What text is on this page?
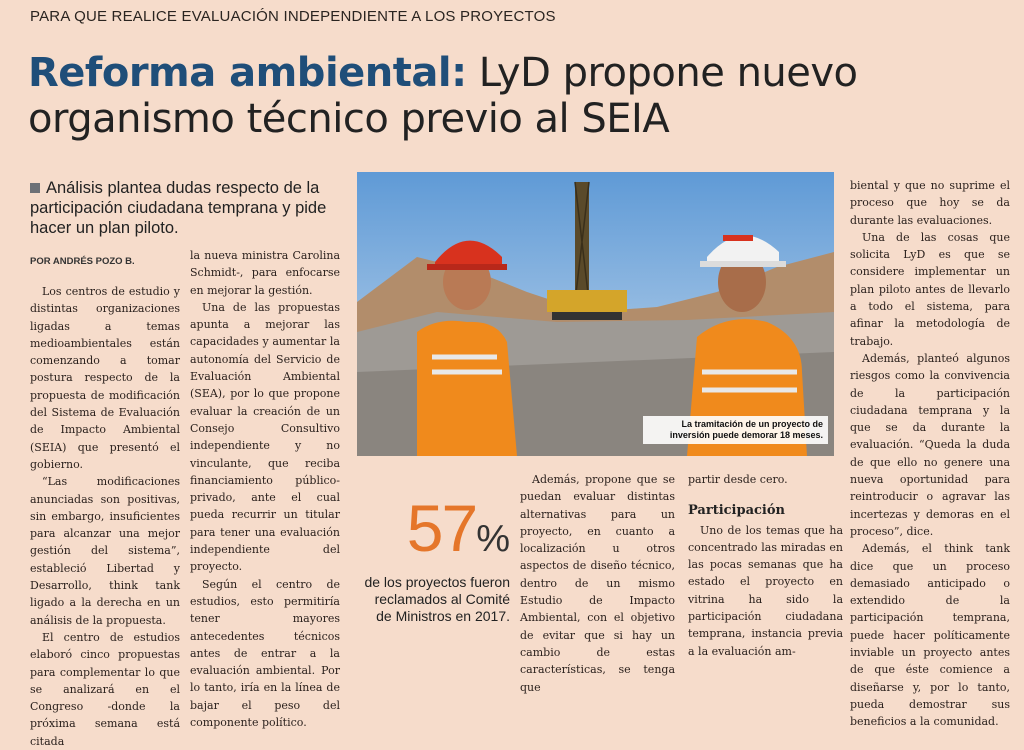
PARA QUE REALICE EVALUACIÓN INDEPENDIENTE A LOS PROYECTOS
Reforma ambiental: LyD propone nuevo organismo técnico previo al SEIA
Análisis plantea dudas respecto de la participación ciudadana temprana y pide hacer un plan piloto.
POR ANDRÉS POZO B.

Los centros de estudio y distintas organizaciones ligadas a temas medioambientales están comenzando a tomar postura respecto de la propuesta de modificación del Sistema de Evaluación de Impacto Ambiental (SEIA) que presentó el gobierno.

“Las modificaciones anunciadas son positivas, sin embargo, insuficientes para alcanzar una mejor gestión del sistema”, estableció Libertad y Desarrollo, think tank ligado a la derecha en un análisis de la propuesta.

El centro de estudios elaboró cinco propuestas para complementar lo que se analizará en el Congreso -donde la próxima semana está citada

la nueva ministra Carolina Schmidt-, para enfocarse en mejorar la gestión.

Una de las propuestas apunta a mejorar las capacidades y aumentar la autonomía del Servicio de Evaluación Ambiental (SEA), por lo que propone evaluar la creación de un Consejo Consultivo independiente y no vinculante, que reciba financiamiento público-privado, ante el cual pueda recurrir un titular para tener una evaluación independiente del proyecto.

Según el centro de estudios, esto permitiría tener mayores antecedentes técnicos antes de entrar a la evaluación ambiental. Por lo tanto, iría en la línea de bajar el peso del componente político.

La tramitación de un proyecto de inversión puede demorar 18 meses.
57%
de los proyectos fueron reclamados al Comité de Ministros en 2017.

Además, propone que se puedan evaluar distintas alternativas para un proyecto, en cuanto a localización u otros aspectos de diseño técnico, dentro de un mismo Estudio de Impacto Ambiental, con el objetivo de evitar que si hay un cambio de estas características, se tenga que

partir desde cero.

Participación

Uno de los temas que ha concentrado las miradas en las pocas semanas que ha estado el proyecto en vitrina ha sido la participación ciudadana temprana, instancia previa a la evaluación am-

biental y que no suprime el proceso que hoy se da durante las evaluaciones.

Una de las cosas que solicita LyD es que se considere implementar un plan piloto antes de llevarlo a todo el sistema, para afinar la metodología de trabajo.

Además, planteó algunos riesgos como la convivencia de la participación ciudadana temprana y la que se da durante la evaluación. “Queda la duda de que ello no genere una nueva oportunidad para reintroducir o agravar las incertezas y demoras en el proceso”, dice.

Además, el think tank dice que un proceso demasiado anticipado o extendido de la participación temprana, puede hacer políticamente inviable un proyecto antes de que éste comience a diseñarse y, por lo tanto, pueda demostrar sus beneficios a la comunidad.
